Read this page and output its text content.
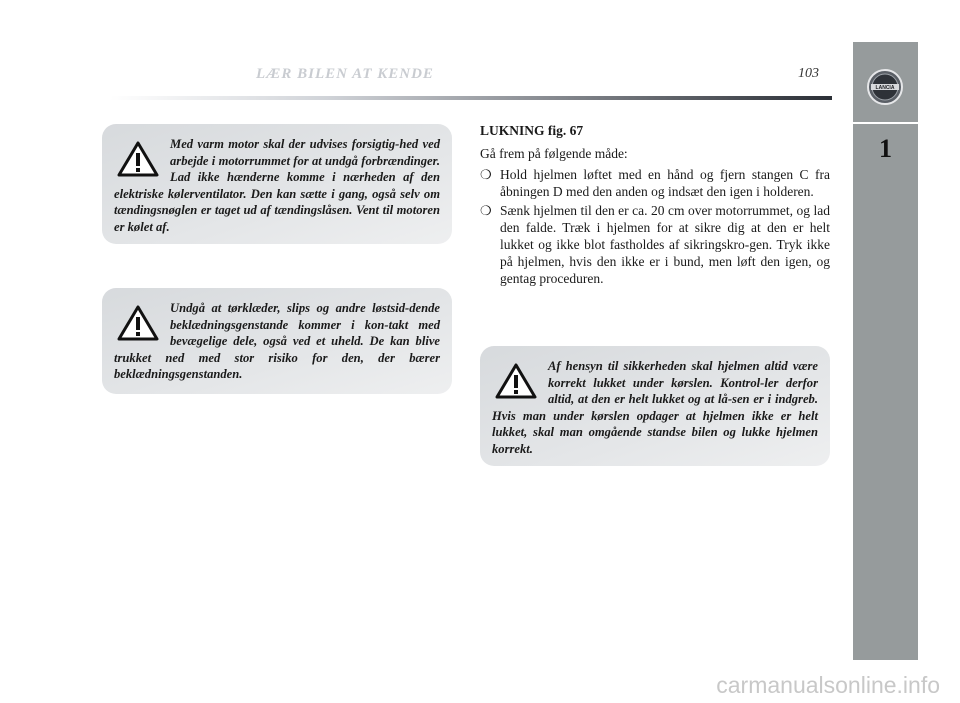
LÆR BILEN AT KENDE	103
LANCIA
1
Med varm motor skal der udvises forsigtig-hed ved arbejde i motorrummet for at undgå forbrændinger. Lad ikke hænderne komme i nærheden af den elektriske kølerventilator. Den kan sætte i gang, også selv om tændingsnøglen er taget ud af tændingslåsen. Vent til motoren er kølet af.
Undgå at tørklæder, slips og andre løstsid-dende beklædningsgenstande kommer i kon-takt med bevægelige dele, også ved et uheld. De kan blive trukket ned med stor risiko for den, der bærer beklædningsgenstanden.
LUKNING fig. 67
Gå frem på følgende måde:
❍ Hold hjelmen løftet med en hånd og fjern stangen C fra åbningen D med den anden og indsæt den igen i holderen.
❍ Sænk hjelmen til den er ca. 20 cm over motorrummet, og lad den falde. Træk i hjelmen for at sikre dig at den er helt lukket og ikke blot fastholdes af sikringskro-gen. Tryk ikke på hjelmen, hvis den ikke er i bund, men løft den igen, og gentag proceduren.
Af hensyn til sikkerheden skal hjelmen altid være korrekt lukket under kørslen. Kontrol-ler derfor altid, at den er helt lukket og at lå-sen er i indgreb. Hvis man under kørslen opdager at hjelmen ikke er helt lukket, skal man omgående standse bilen og lukke hjelmen korrekt.
carmanualsonline.info
